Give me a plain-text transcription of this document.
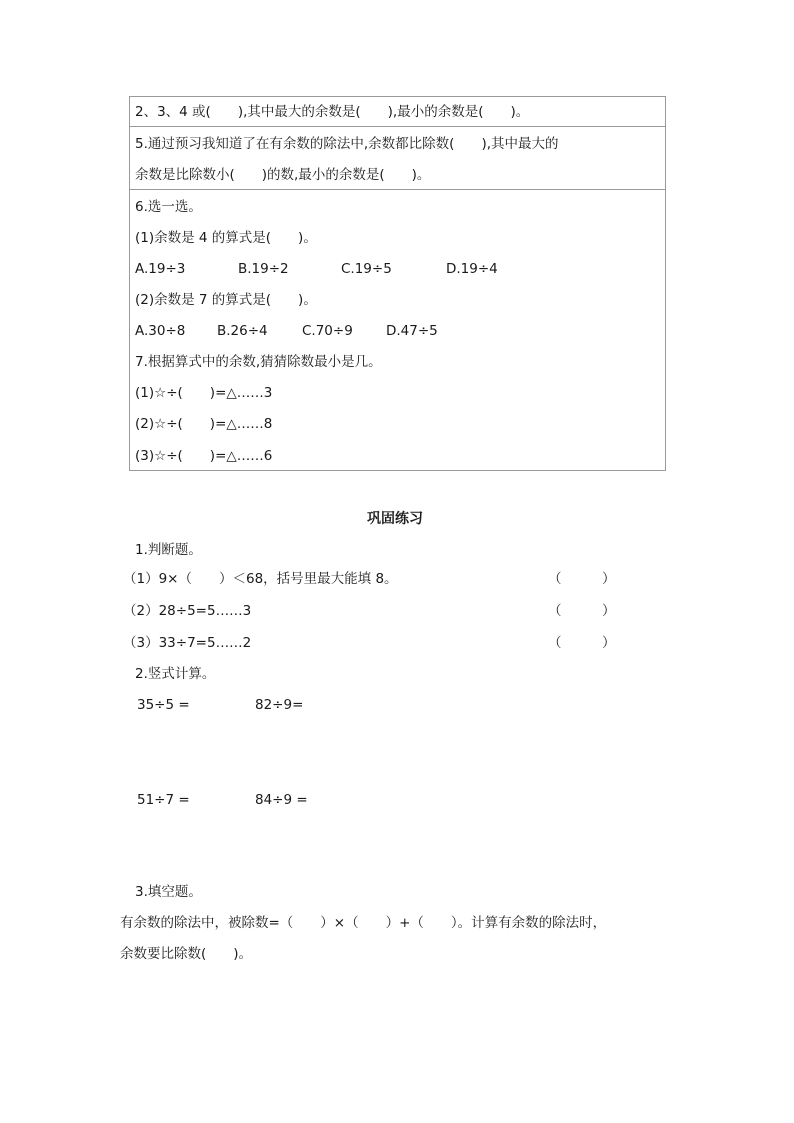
2、3、4 或(　　),其中最大的余数是(　　),最小的余数是(　　)。
5.通过预习我知道了在有余数的除法中,余数都比除数(　　),其中最大的
余数是比除数小(　　)的数,最小的余数是(　　)。
6.选一选。
(1)余数是 4 的算式是(　　)。
A.19÷3	B.19÷2	C.19÷5	D.19÷4
(2)余数是 7 的算式是(　　)。
A.30÷8 B.26÷4	C.70÷9 D.47÷5
7.根据算式中的余数,猜猜除数最小是几。
(1)☆÷(　　)=△……3
(2)☆÷(　　)=△……8
(3)☆÷(　　)=△……6
巩固练习
1.判断题。
（1）9×（　　）＜68，括号里最大能填 8。	（　　　）
（2）28÷5=5……3	（　　　）
（3）33÷7=5……2	（　　　）
2.竖式计算。
35÷5 =	82÷9=
51÷7 =	84÷9 =
3.填空题。
有余数的除法中，被除数=（　　）×（　　）+（　　）。计算有余数的除法时，
余数要比除数(　　)。
